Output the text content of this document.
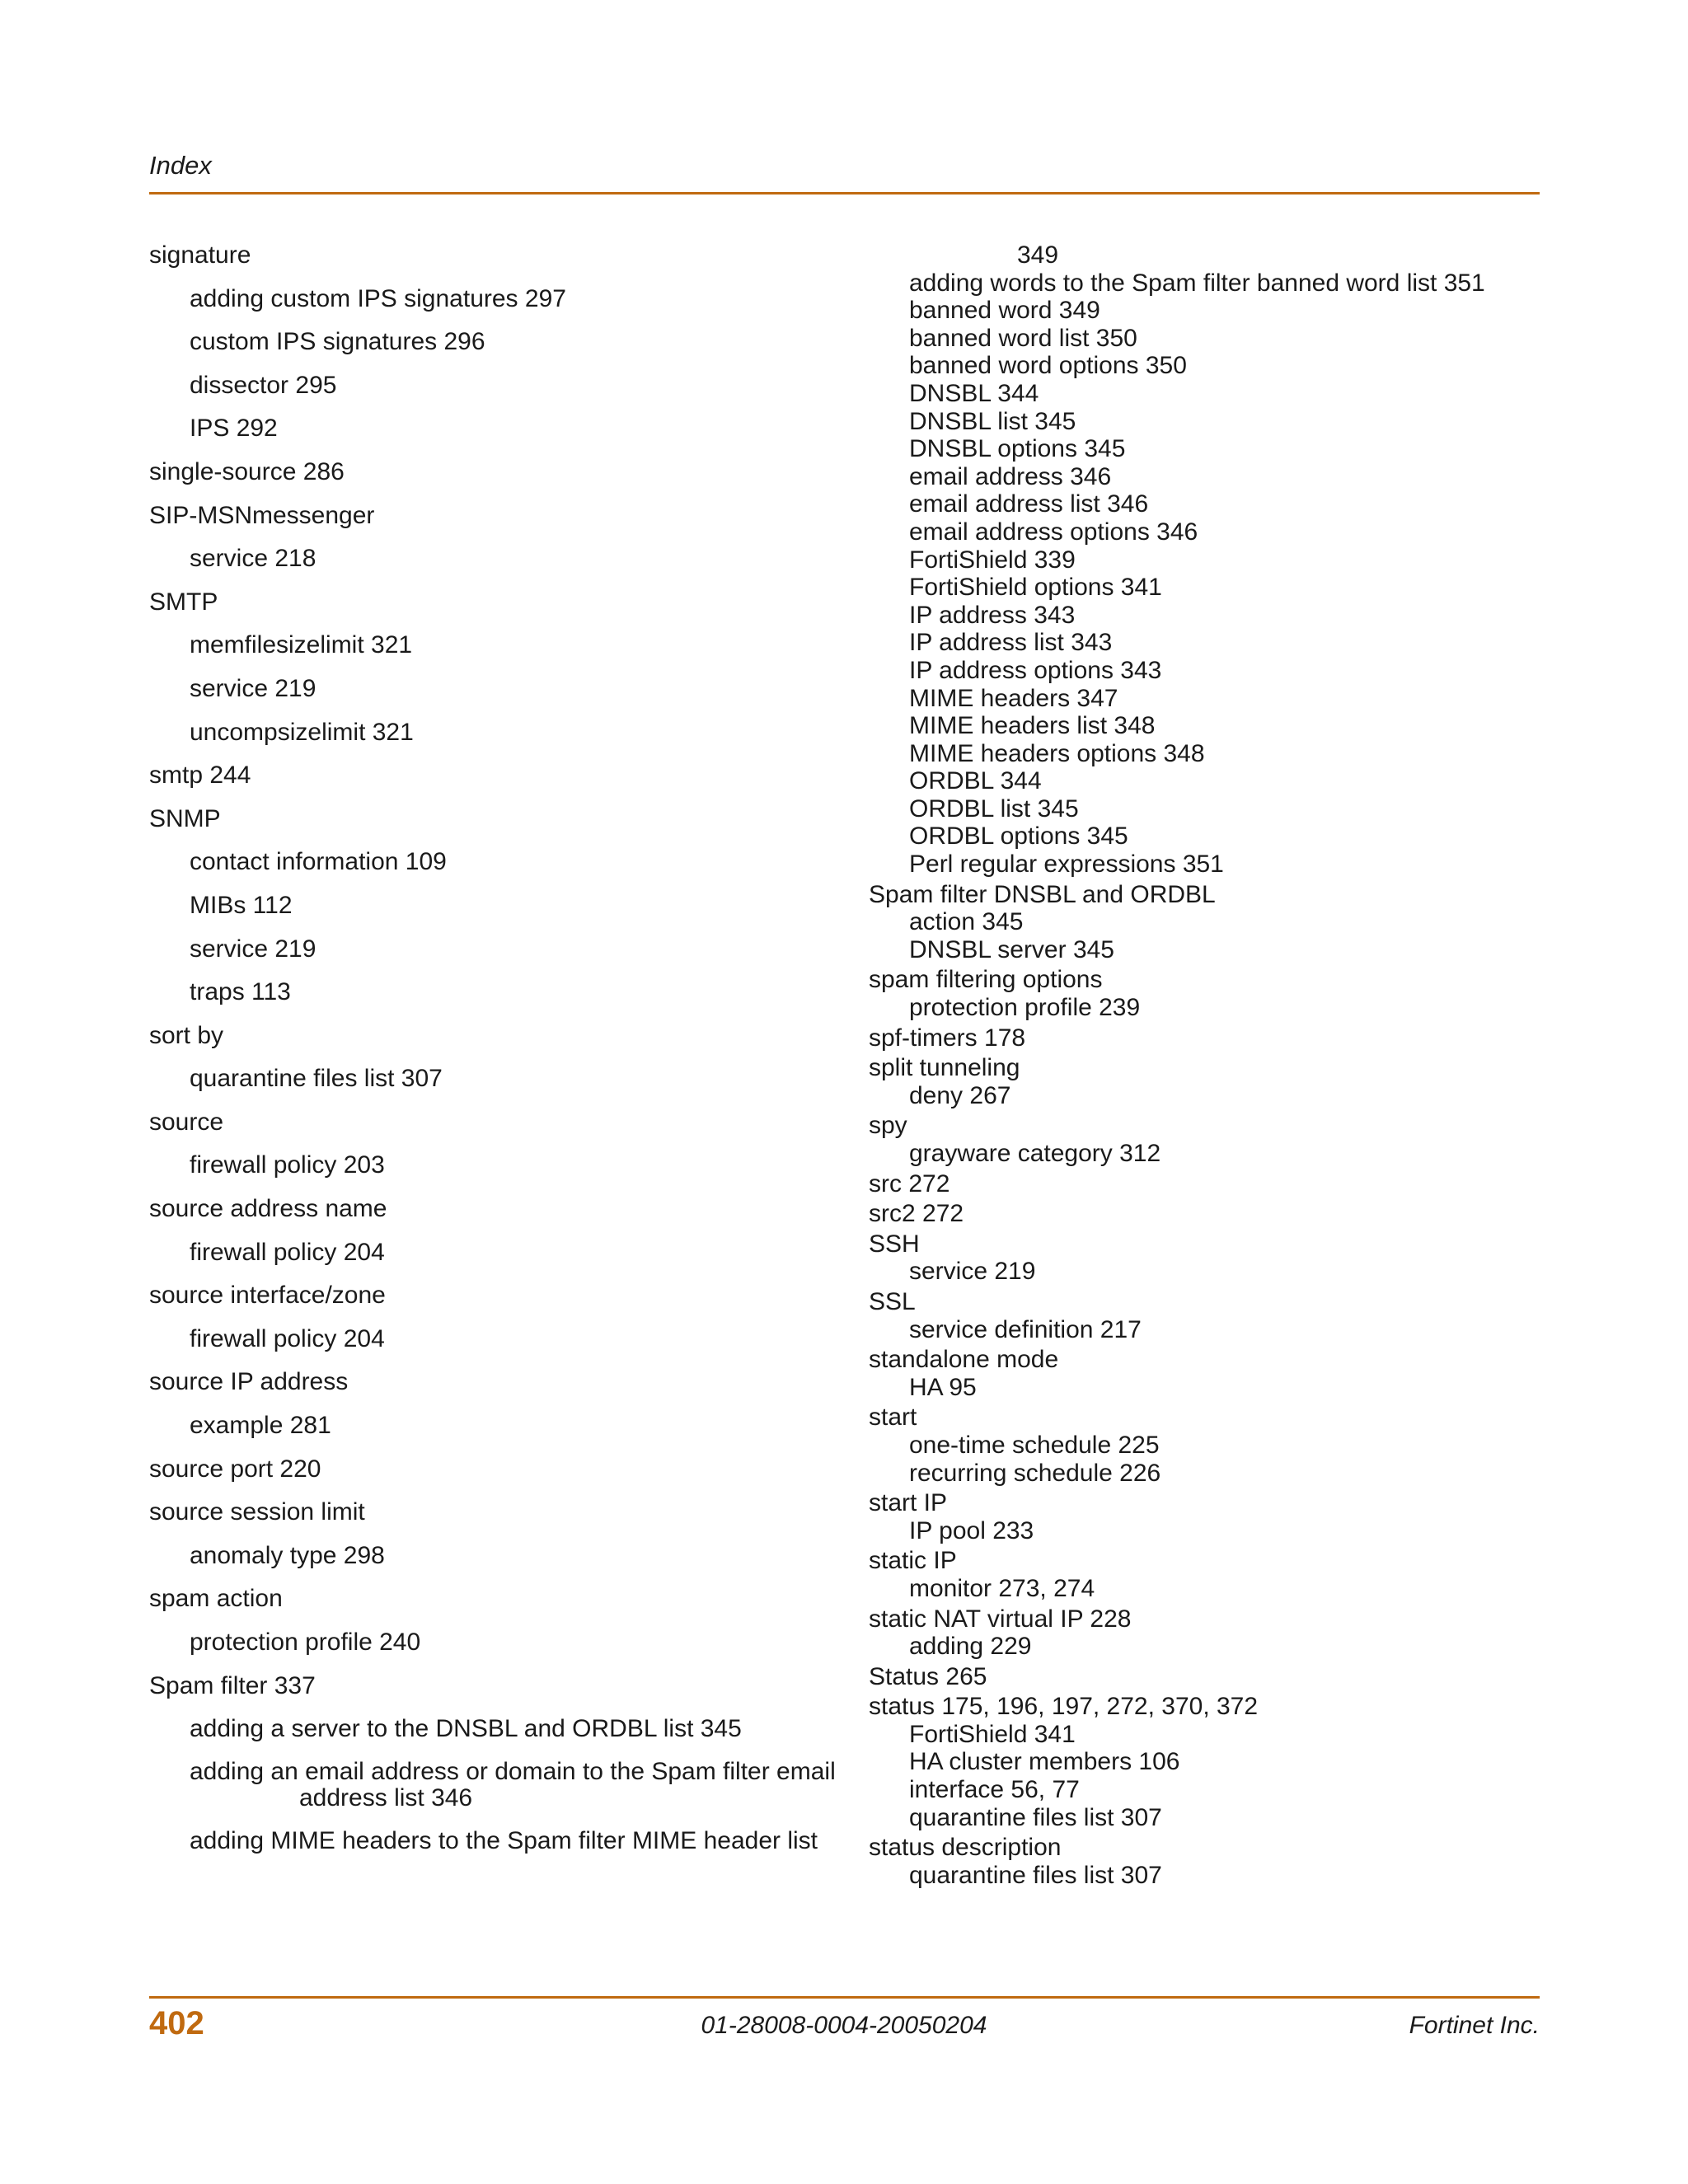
Index
signature
adding custom IPS signatures 297
custom IPS signatures 296
dissector 295
IPS 292
single-source 286
SIP-MSNmessenger
service 218
SMTP
memfilesizelimit 321
service 219
uncompsizelimit 321
smtp 244
SNMP
contact information 109
MIBs 112
service 219
traps 113
sort by
quarantine files list 307
source
firewall policy 203
source address name
firewall policy 204
source interface/zone
firewall policy 204
source IP address
example 281
source port 220
source session limit
anomaly type 298
spam action
protection profile 240
Spam filter 337
adding a server to the DNSBL and ORDBL list 345
adding an email address or domain to the Spam filter email
address list 346
adding MIME headers to the Spam filter MIME header list
349
adding words to the Spam filter banned word list 351
banned word 349
banned word list 350
banned word options 350
DNSBL 344
DNSBL list 345
DNSBL options 345
email address 346
email address list 346
email address options 346
FortiShield 339
FortiShield options 341
IP address 343
IP address list 343
IP address options 343
MIME headers 347
MIME headers list 348
MIME headers options 348
ORDBL 344
ORDBL list 345
ORDBL options 345
Perl regular expressions 351
Spam filter DNSBL and ORDBL
action 345
DNSBL server 345
spam filtering options
protection profile 239
spf-timers 178
split tunneling
deny 267
spy
grayware category 312
src 272
src2 272
SSH
service 219
SSL
service definition 217
standalone mode
HA 95
start
one-time schedule 225
recurring schedule 226
start IP
IP pool 233
static IP
monitor 273, 274
static NAT virtual IP 228
adding 229
Status 265
status 175, 196, 197, 272, 370, 372
FortiShield 341
HA cluster members 106
interface 56, 77
quarantine files list 307
status description
quarantine files list 307
402	01-28008-0004-20050204	Fortinet Inc.
